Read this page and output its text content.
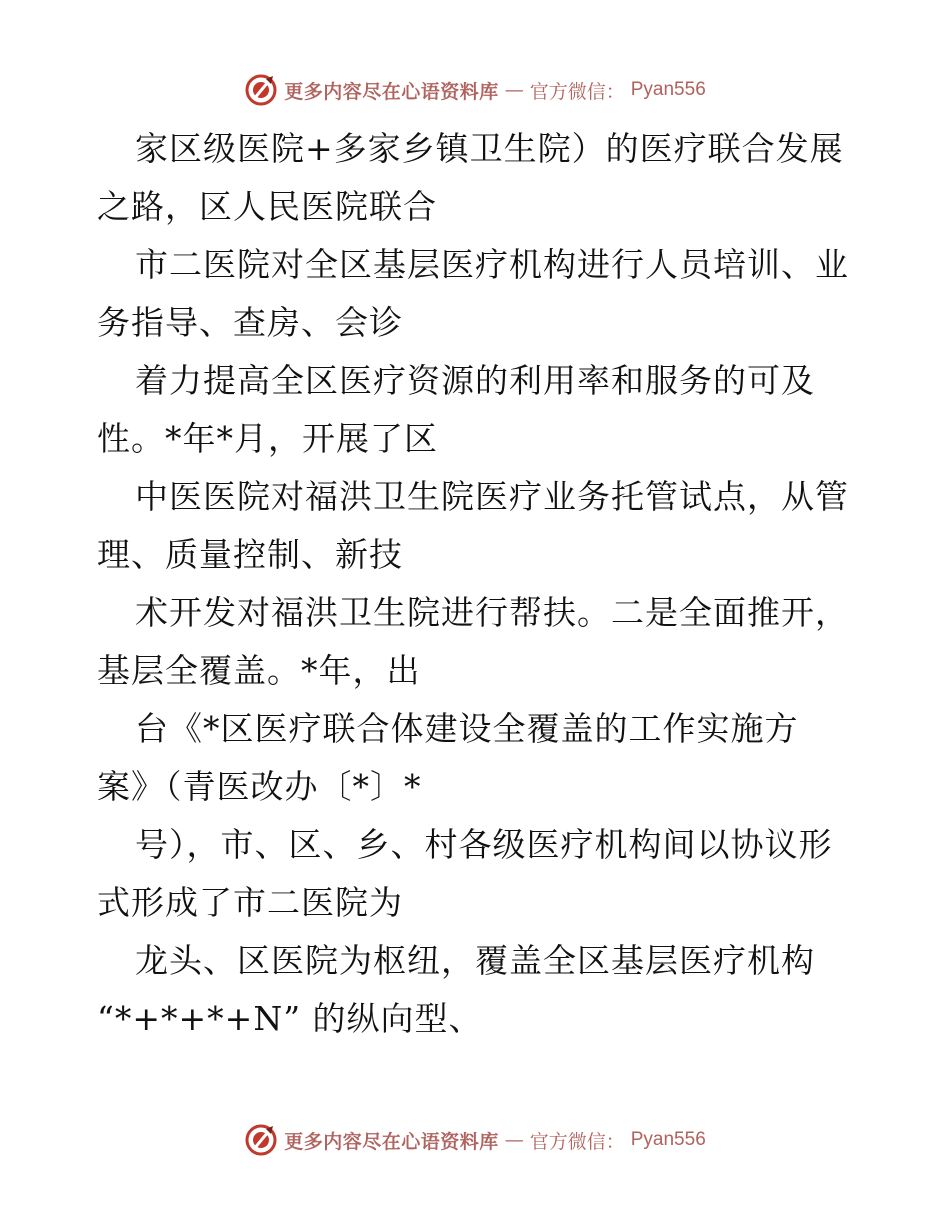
更多内容尽在心语资料库 — 官方微信： Pyan556
家区级医院+多家乡镇卫生院）的医疗联合发展
之路，区人民医院联合
市二医院对全区基层医疗机构进行人员培训、业
务指导、查房、会诊
着力提高全区医疗资源的利用率和服务的可及
性。*年*月，开展了区
中医医院对福洪卫生院医疗业务托管试点，从管
理、质量控制、新技
术开发对福洪卫生院进行帮扶。二是全面推开，
基层全覆盖。*年，出
台《*区医疗联合体建设全覆盖的工作实施方
案》（青医改办〔*〕*
号），市、区、乡、村各级医疗机构间以协议形
式形成了市二医院为
龙头、区医院为枢纽，覆盖全区基层医疗机构
“*+*+*+N” 的纵向型、
更多内容尽在心语资料库 — 官方微信： Pyan556
